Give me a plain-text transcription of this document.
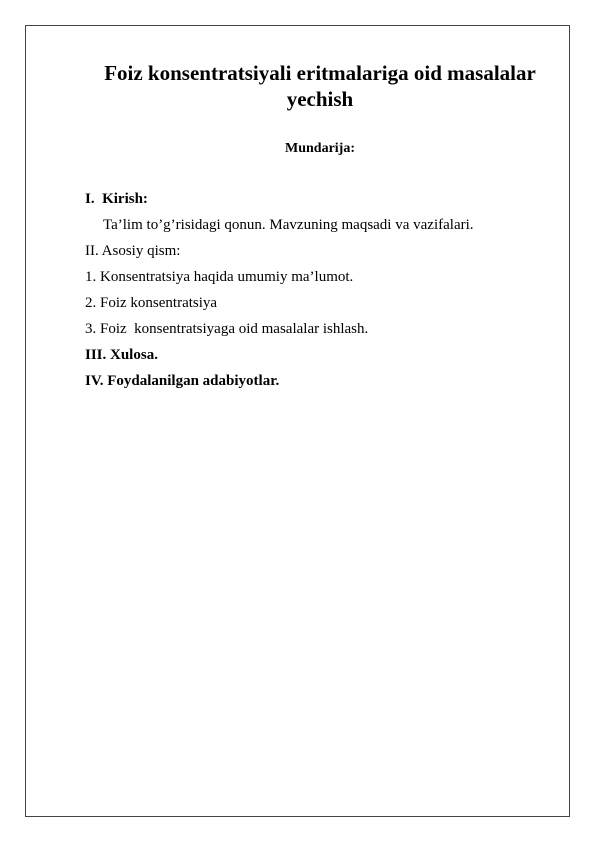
Foiz konsentratsiyali eritmalariga oid masalalar
yechish

Mundarija:

I.  Kirish:

Ta’lim to’g’risidagi qonun. Mavzuning maqsadi va vazifalari.

II. Asosiy qism:

1. Konsentratsiya haqida umumiy ma’lumot.

2. Foiz konsentratsiya

3. Foiz  konsentratsiyaga oid masalalar ishlash.

III. Xulosa.

IV. Foydalanilgan adabiyotlar.
